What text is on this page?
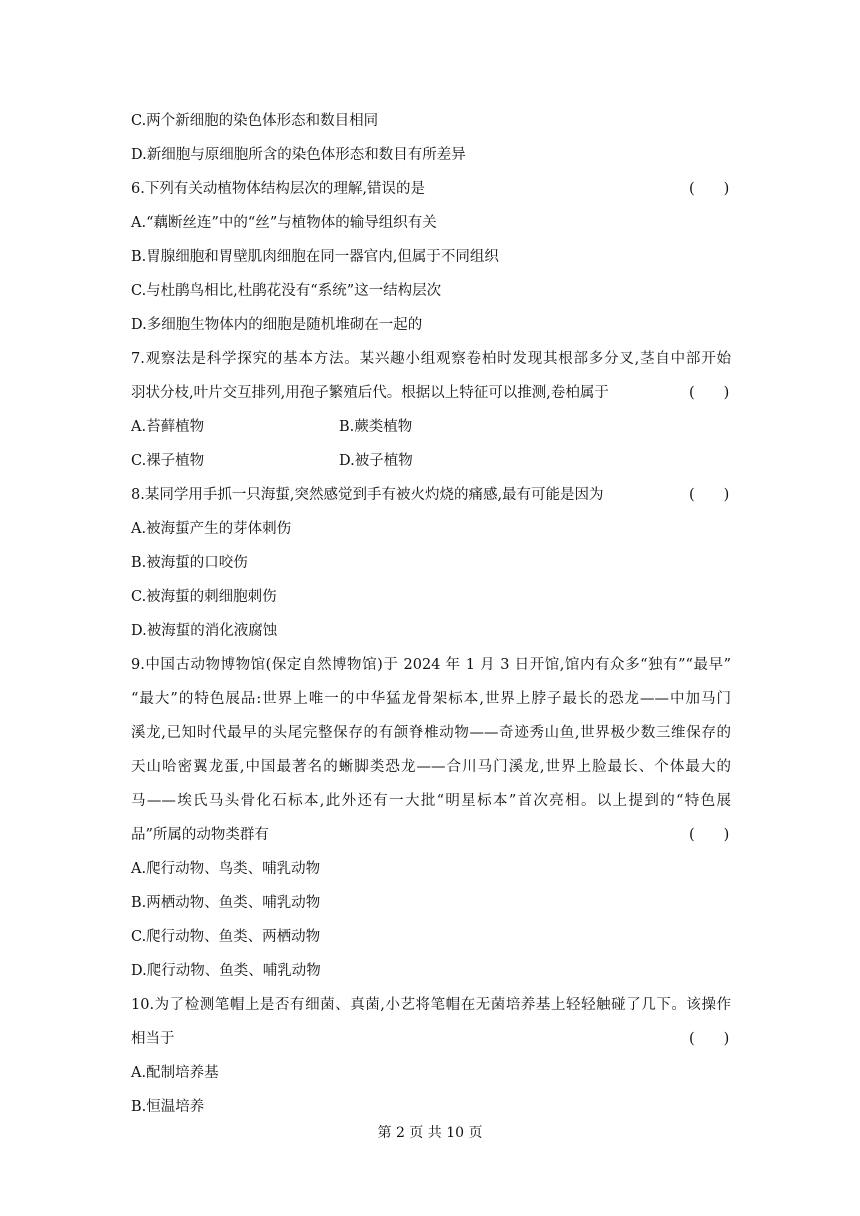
C.两个新细胞的染色体形态和数目相同
D.新细胞与原细胞所含的染色体形态和数目有所差异
6.下列有关动植物体结构层次的理解,错误的是	(　　)
A.“藕断丝连”中的“丝”与植物体的输导组织有关
B.胃腺细胞和胃壁肌肉细胞在同一器官内,但属于不同组织
C.与杜鹃鸟相比,杜鹃花没有“系统”这一结构层次
D.多细胞生物体内的细胞是随机堆砌在一起的
7.观察法是科学探究的基本方法。某兴趣小组观察卷柏时发现其根部多分叉,茎自中部开始
羽状分枝,叶片交互排列,用孢子繁殖后代。根据以上特征可以推测,卷柏属于	(　　)
A.苔藓植物	B.蕨类植物
C.裸子植物	D.被子植物
8.某同学用手抓一只海蜇,突然感觉到手有被火灼烧的痛感,最有可能是因为	(　　)
A.被海蜇产生的芽体刺伤
B.被海蜇的口咬伤
C.被海蜇的刺细胞刺伤
D.被海蜇的消化液腐蚀
9.中国古动物博物馆(保定自然博物馆)于 2024 年 1 月 3 日开馆,馆内有众多“独有”“最早”
“最大”的特色展品:世界上唯一的中华猛龙骨架标本,世界上脖子最长的恐龙——中加马门
溪龙,已知时代最早的头尾完整保存的有颌脊椎动物——奇迹秀山鱼,世界极少数三维保存的
天山哈密翼龙蛋,中国最著名的蜥脚类恐龙——合川马门溪龙,世界上脸最长、个体最大的
马——埃氏马头骨化石标本,此外还有一大批“明星标本”首次亮相。以上提到的“特色展
品”所属的动物类群有	(　　)
A.爬行动物、鸟类、哺乳动物
B.两栖动物、鱼类、哺乳动物
C.爬行动物、鱼类、两栖动物
D.爬行动物、鱼类、哺乳动物
10.为了检测笔帽上是否有细菌、真菌,小艺将笔帽在无菌培养基上轻轻触碰了几下。该操作
相当于	(　　)
A.配制培养基
B.恒温培养
第 2 页 共 10 页
